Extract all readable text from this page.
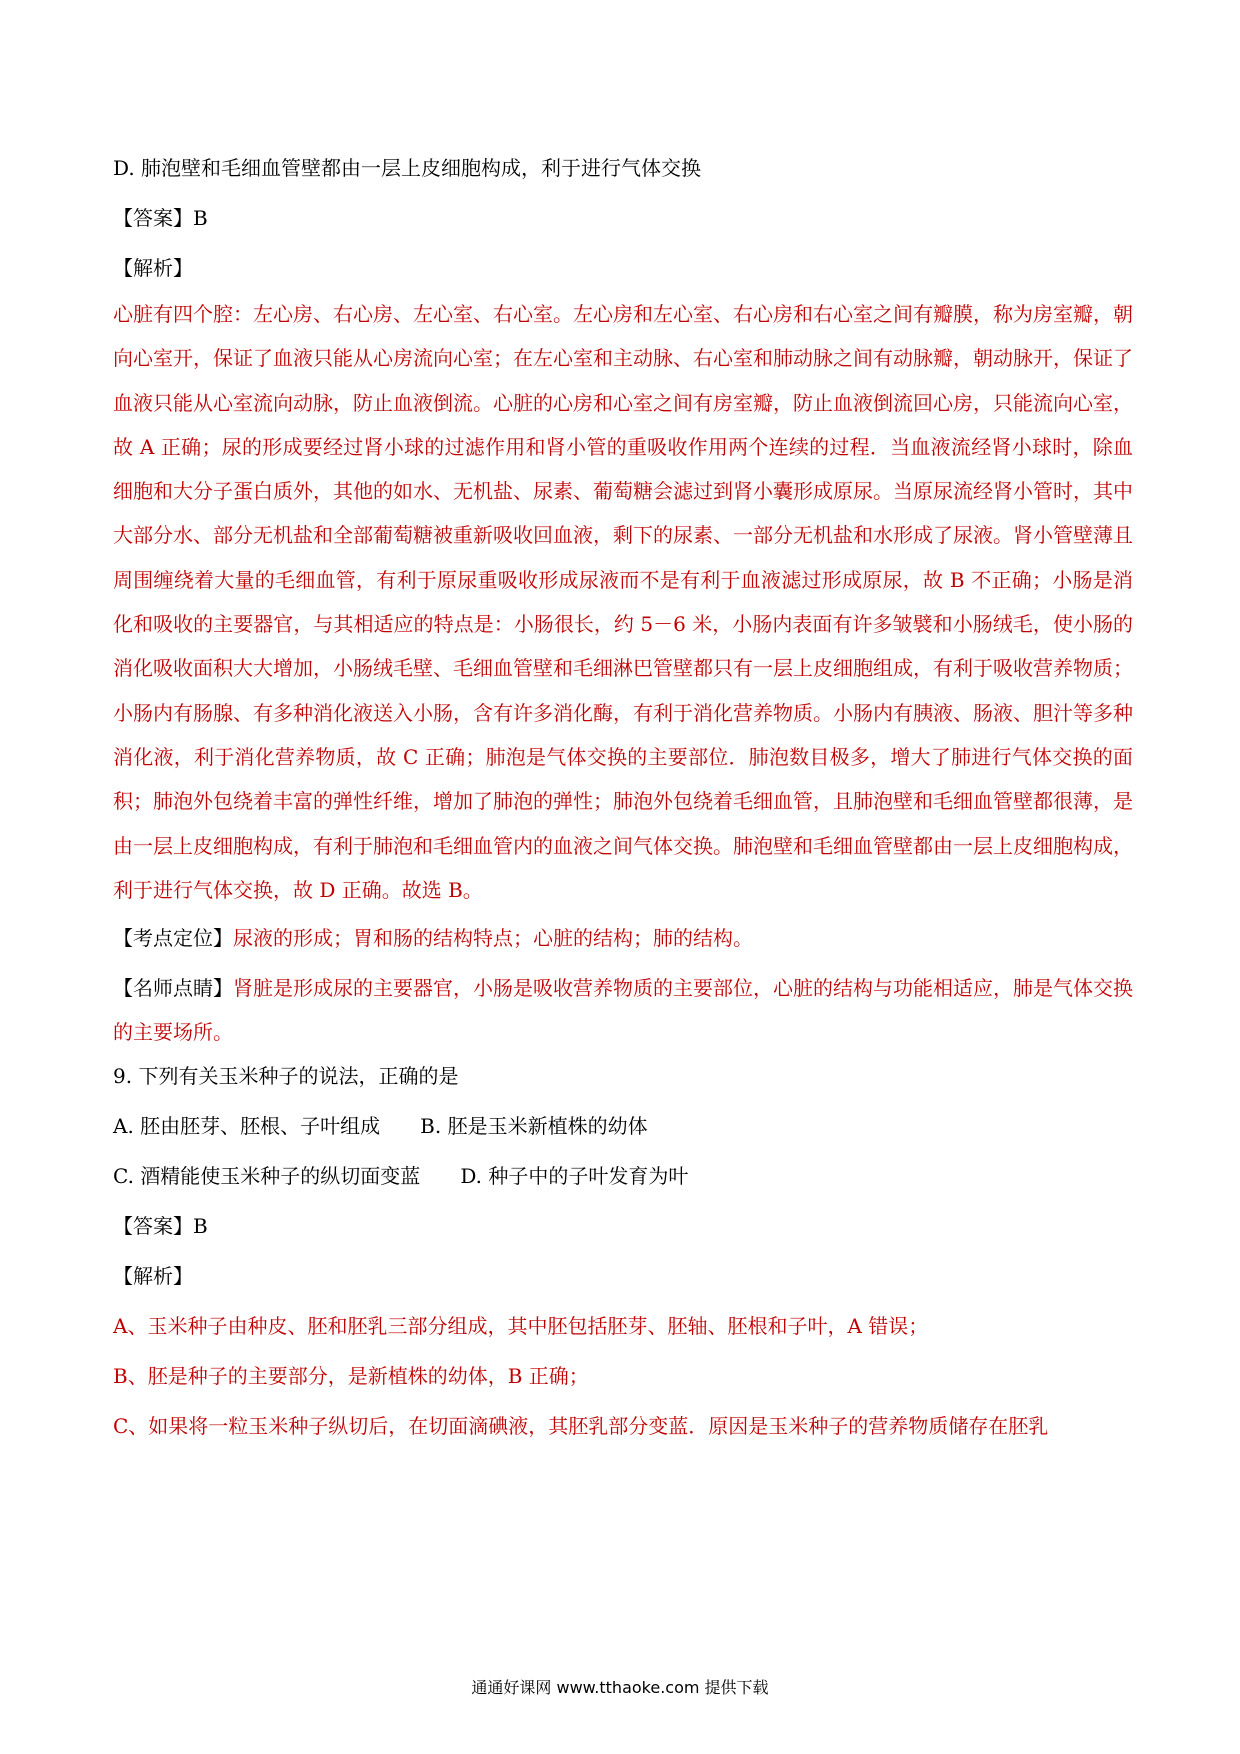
D. 肺泡壁和毛细血管壁都由一层上皮细胞构成，利于进行气体交换
【答案】B
【解析】
心脏有四个腔：左心房、右心房、左心室、右心室。左心房和左心室、右心房和右心室之间有瓣膜，称为房室瓣，朝向心室开，保证了血液只能从心房流向心室；在左心室和主动脉、右心室和肺动脉之间有动脉瓣，朝动脉开，保证了血液只能从心室流向动脉，防止血液倒流。心脏的心房和心室之间有房室瓣，防止血液倒流回心房，只能流向心室，故 A 正确；尿的形成要经过肾小球的过滤作用和肾小管的重吸收作用两个连续的过程．当血液流经肾小球时，除血细胞和大分子蛋白质外，其他的如水、无机盐、尿素、葡萄糖会滤过到肾小囊形成原尿。当原尿流经肾小管时，其中大部分水、部分无机盐和全部葡萄糖被重新吸收回血液，剩下的尿素、一部分无机盐和水形成了尿液。肾小管壁薄且周围缠绕着大量的毛细血管，有利于原尿重吸收形成尿液而不是有利于血液滤过形成原尿，故 B 不正确；小肠是消化和吸收的主要器官，与其相适应的特点是：小肠很长，约 5－6 米，小肠内表面有许多皱襞和小肠绒毛，使小肠的消化吸收面积大大增加，小肠绒毛壁、毛细血管壁和毛细淋巴管壁都只有一层上皮细胞组成，有利于吸收营养物质；小肠内有肠腺、有多种消化液送入小肠，含有许多消化酶，有利于消化营养物质。小肠内有胰液、肠液、胆汁等多种消化液，利于消化营养物质，故 C 正确；肺泡是气体交换的主要部位．肺泡数目极多，增大了肺进行气体交换的面积；肺泡外包绕着丰富的弹性纤维，增加了肺泡的弹性；肺泡外包绕着毛细血管，且肺泡壁和毛细血管壁都很薄，是由一层上皮细胞构成，有利于肺泡和毛细血管内的血液之间气体交换。肺泡壁和毛细血管壁都由一层上皮细胞构成，利于进行气体交换，故 D 正确。故选 B。
【考点定位】尿液的形成；胃和肠的结构特点；心脏的结构；肺的结构。
【名师点睛】肾脏是形成尿的主要器官，小肠是吸收营养物质的主要部位，心脏的结构与功能相适应，肺是气体交换的主要场所。
9. 下列有关玉米种子的说法，正确的是
A. 胚由胚芽、胚根、子叶组成 B. 胚是玉米新植株的幼体
C. 酒精能使玉米种子的纵切面变蓝 D. 种子中的子叶发育为叶
【答案】B
【解析】
A、玉米种子由种皮、胚和胚乳三部分组成，其中胚包括胚芽、胚轴、胚根和子叶，A 错误；
B、胚是种子的主要部分，是新植株的幼体，B 正确；
C、如果将一粒玉米种子纵切后，在切面滴碘液，其胚乳部分变蓝．原因是玉米种子的营养物质储存在胚乳
通通好课网 www.tthaoke.com 提供下载
